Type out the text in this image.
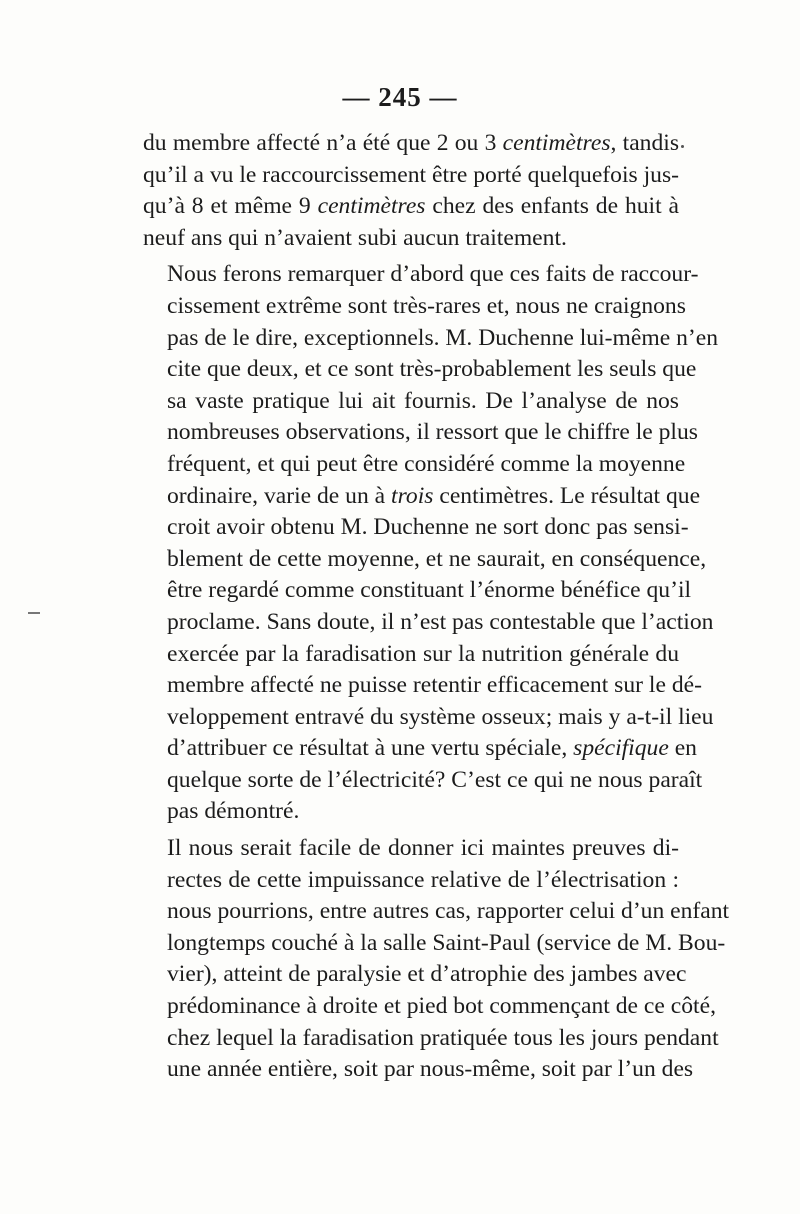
— 245 —

du membre affecté n’a été que 2 ou 3 centimètres, tandis
qu’il a vu le raccourcissement être porté quelquefois jus-
qu’à 8 et même 9 centimètres chez des enfants de huit à
neuf ans qui n’avaient subi aucun traitement.

Nous ferons remarquer d’abord que ces faits de raccour-
cissement extrême sont très-rares et, nous ne craignons
pas de le dire, exceptionnels. M. Duchenne lui-même n’en
cite que deux, et ce sont très-probablement les seuls que
sa vaste pratique lui ait fournis. De l’analyse de nos
nombreuses observations, il ressort que le chiffre le plus
fréquent, et qui peut être considéré comme la moyenne
ordinaire, varie de un à trois centimètres. Le résultat que
croit avoir obtenu M. Duchenne ne sort donc pas sensi-
blement de cette moyenne, et ne saurait, en conséquence,
être regardé comme constituant l’énorme bénéfice qu’il
proclame. Sans doute, il n’est pas contestable que l’action
exercée par la faradisation sur la nutrition générale du
membre affecté ne puisse retentir efficacement sur le dé-
veloppement entravé du système osseux; mais y a-t-il lieu
d’attribuer ce résultat à une vertu spéciale, spécifique en
quelque sorte de l’électricité? C’est ce qui ne nous paraît
pas démontré.

Il nous serait facile de donner ici maintes preuves di-
rectes de cette impuissance relative de l’électrisation :
nous pourrions, entre autres cas, rapporter celui d’un enfant
longtemps couché à la salle Saint-Paul (service de M. Bou-
vier), atteint de paralysie et d’atrophie des jambes avec
prédominance à droite et pied bot commençant de ce côté,
chez lequel la faradisation pratiquée tous les jours pendant
une année entière, soit par nous-même, soit par l’un des
